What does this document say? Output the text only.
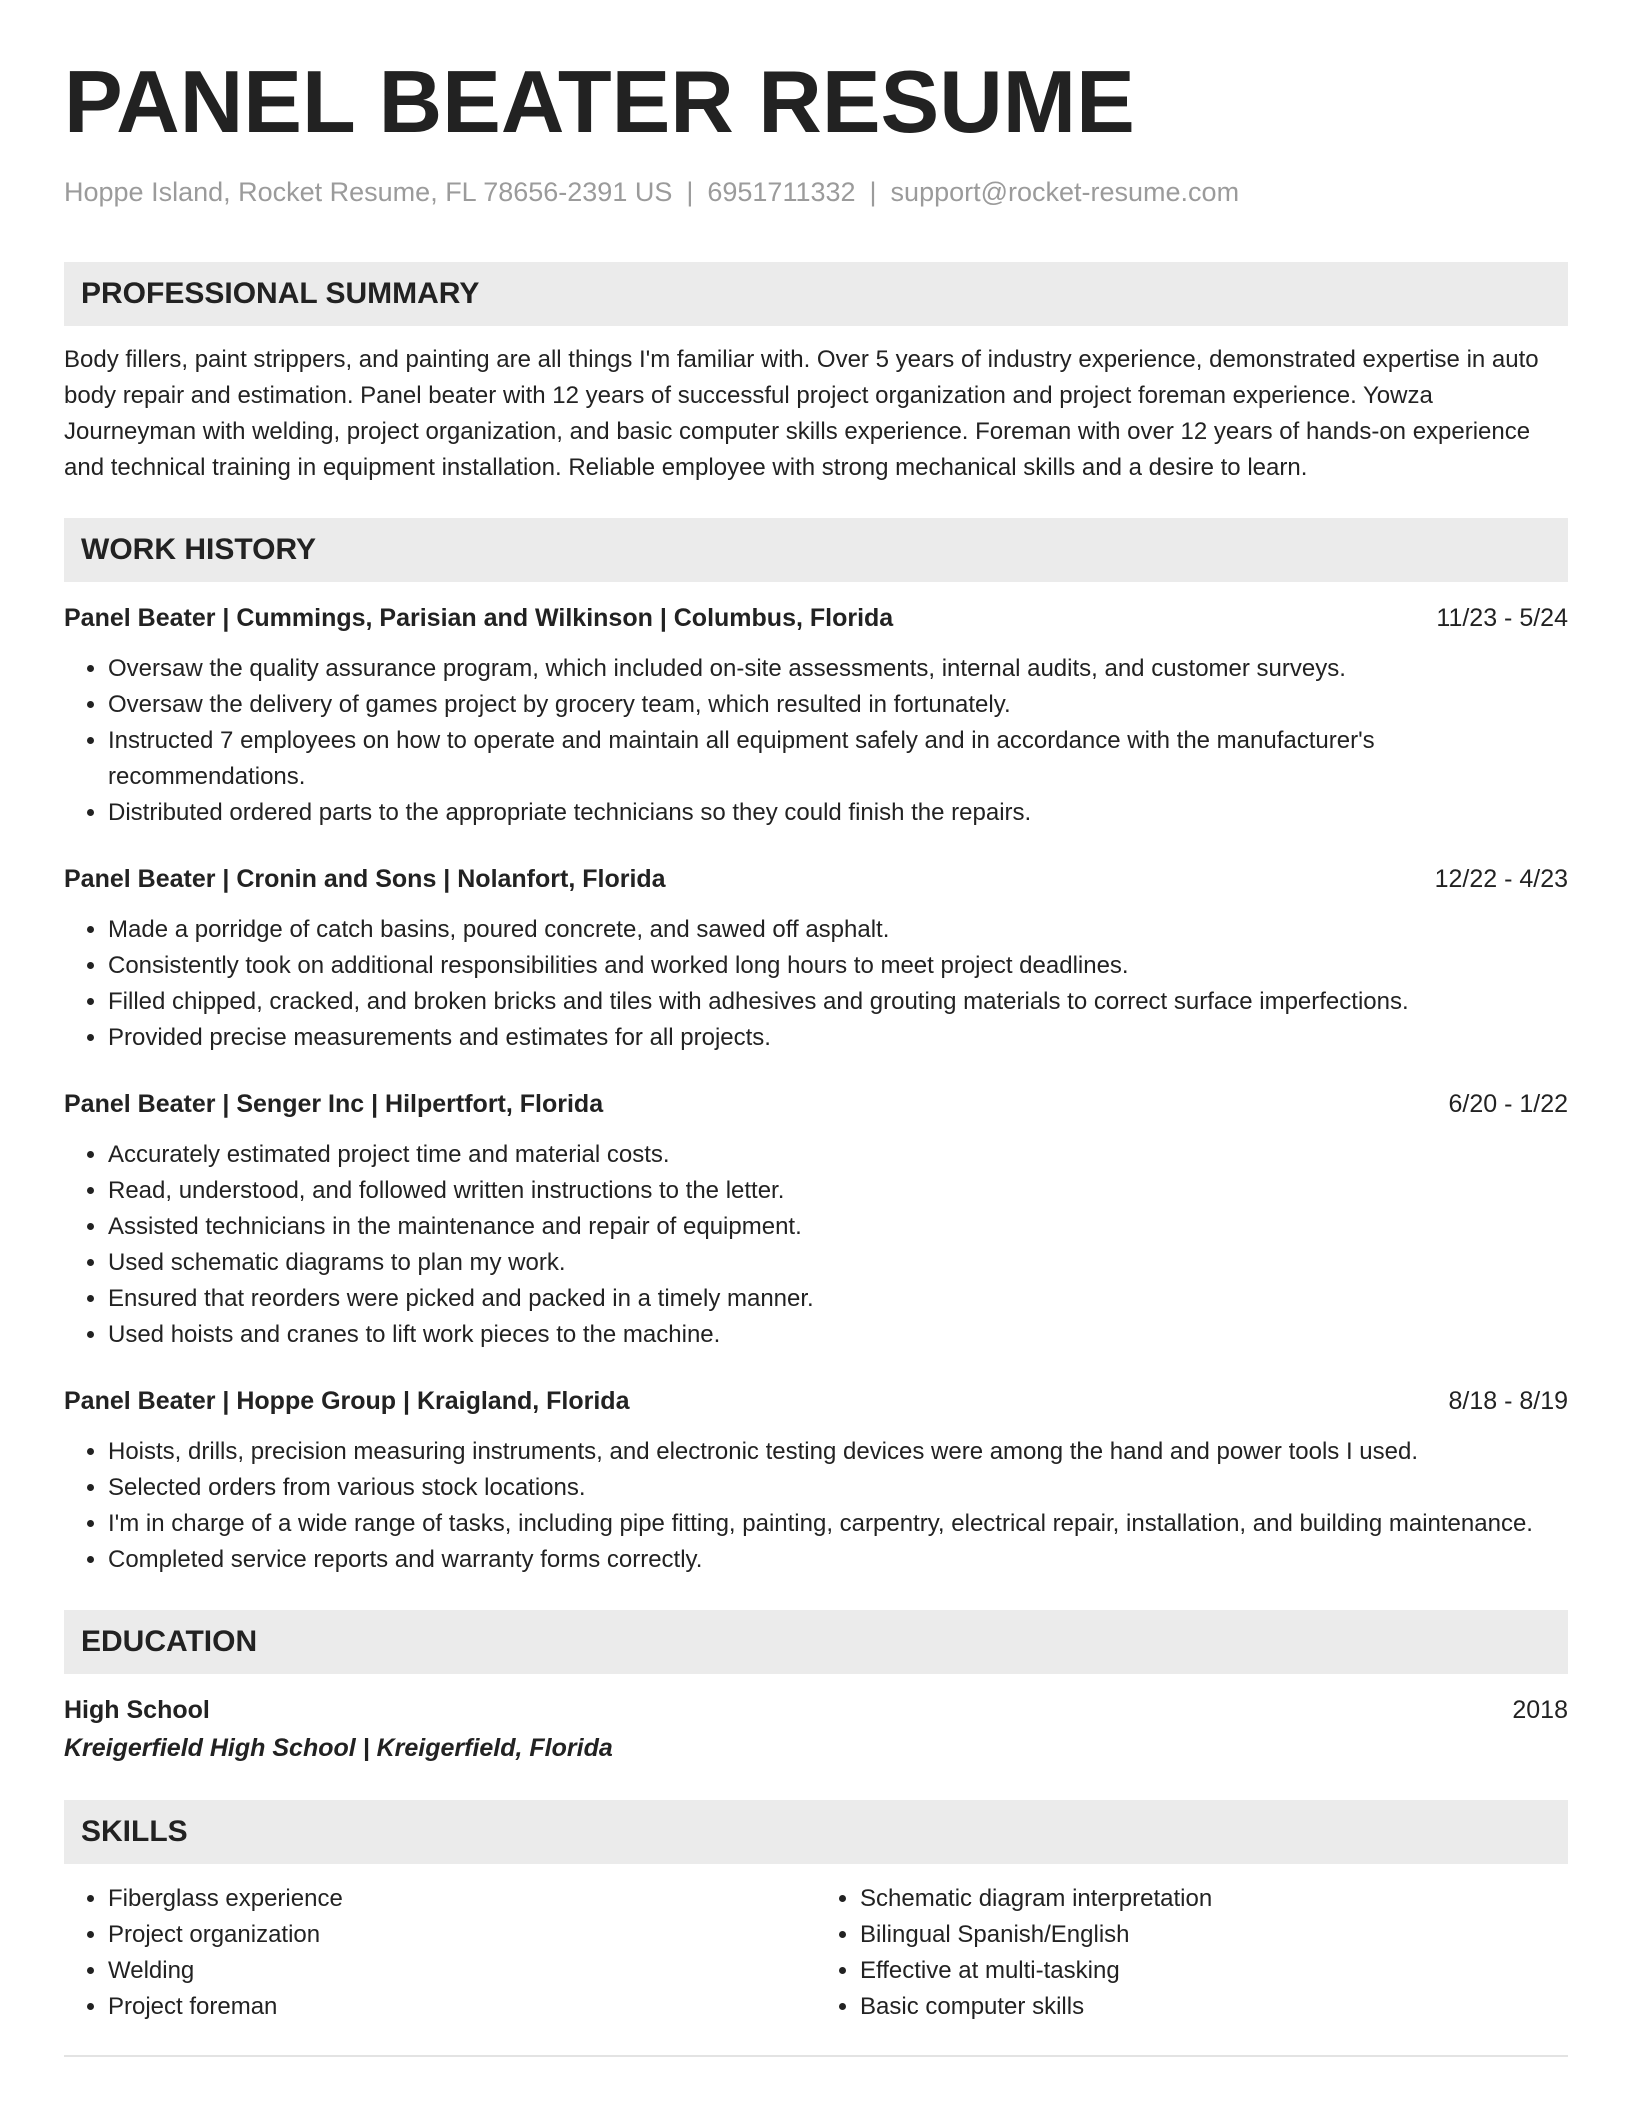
PANEL BEATER RESUME
Hoppe Island, Rocket Resume, FL 78656-2391 US | 6951711332 | support@rocket-resume.com
PROFESSIONAL SUMMARY
Body fillers, paint strippers, and painting are all things I'm familiar with. Over 5 years of industry experience, demonstrated expertise in auto body repair and estimation. Panel beater with 12 years of successful project organization and project foreman experience. Yowza Journeyman with welding, project organization, and basic computer skills experience. Foreman with over 12 years of hands-on experience and technical training in equipment installation. Reliable employee with strong mechanical skills and a desire to learn.
WORK HISTORY
Panel Beater | Cummings, Parisian and Wilkinson | Columbus, Florida	11/23 - 5/24
• Oversaw the quality assurance program, which included on-site assessments, internal audits, and customer surveys.
• Oversaw the delivery of games project by grocery team, which resulted in fortunately.
• Instructed 7 employees on how to operate and maintain all equipment safely and in accordance with the manufacturer's recommendations.
• Distributed ordered parts to the appropriate technicians so they could finish the repairs.
Panel Beater | Cronin and Sons | Nolanfort, Florida	12/22 - 4/23
• Made a porridge of catch basins, poured concrete, and sawed off asphalt.
• Consistently took on additional responsibilities and worked long hours to meet project deadlines.
• Filled chipped, cracked, and broken bricks and tiles with adhesives and grouting materials to correct surface imperfections.
• Provided precise measurements and estimates for all projects.
Panel Beater | Senger Inc | Hilpertfort, Florida	6/20 - 1/22
• Accurately estimated project time and material costs.
• Read, understood, and followed written instructions to the letter.
• Assisted technicians in the maintenance and repair of equipment.
• Used schematic diagrams to plan my work.
• Ensured that reorders were picked and packed in a timely manner.
• Used hoists and cranes to lift work pieces to the machine.
Panel Beater | Hoppe Group | Kraigland, Florida	8/18 - 8/19
• Hoists, drills, precision measuring instruments, and electronic testing devices were among the hand and power tools I used.
• Selected orders from various stock locations.
• I'm in charge of a wide range of tasks, including pipe fitting, painting, carpentry, electrical repair, installation, and building maintenance.
• Completed service reports and warranty forms correctly.
EDUCATION
High School	2018
Kreigerfield High School | Kreigerfield, Florida
SKILLS
• Fiberglass experience
• Project organization
• Welding
• Project foreman
• Schematic diagram interpretation
• Bilingual Spanish/English
• Effective at multi-tasking
• Basic computer skills
